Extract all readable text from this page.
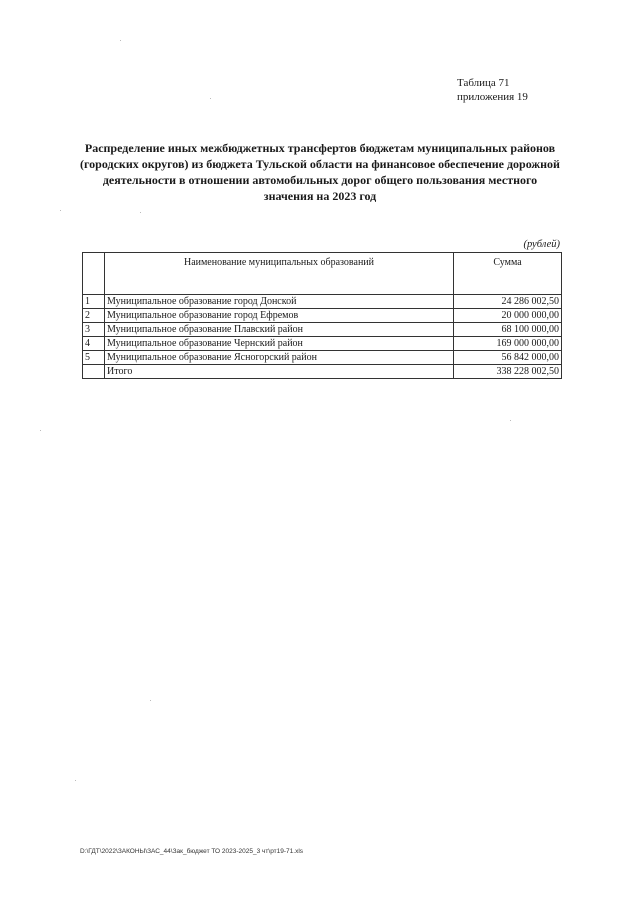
Таблица 71
приложения 19
Распределение иных межбюджетных трансфертов бюджетам муниципальных районов (городских округов) из бюджета Тульской области на финансовое обеспечение дорожной деятельности в отношении автомобильных дорог общего пользования местного значения на 2023 год
(рублей)
	Наименование муниципальных образований	Сумма
1	Муниципальное образование город Донской	24 286 002,50
2	Муниципальное образование город Ефремов	20 000 000,00
3	Муниципальное образование Плавский район	68 100 000,00
4	Муниципальное образование Чернский район	169 000 000,00
5	Муниципальное образование Ясногорский район	56 842 000,00
	Итого	338 228 002,50
D:\ГДТ\2022\ЗАКОНЫ\ЗАС_44\Зак_бюджет ТО 2023-2025_3 чт\рт19-71.xls
